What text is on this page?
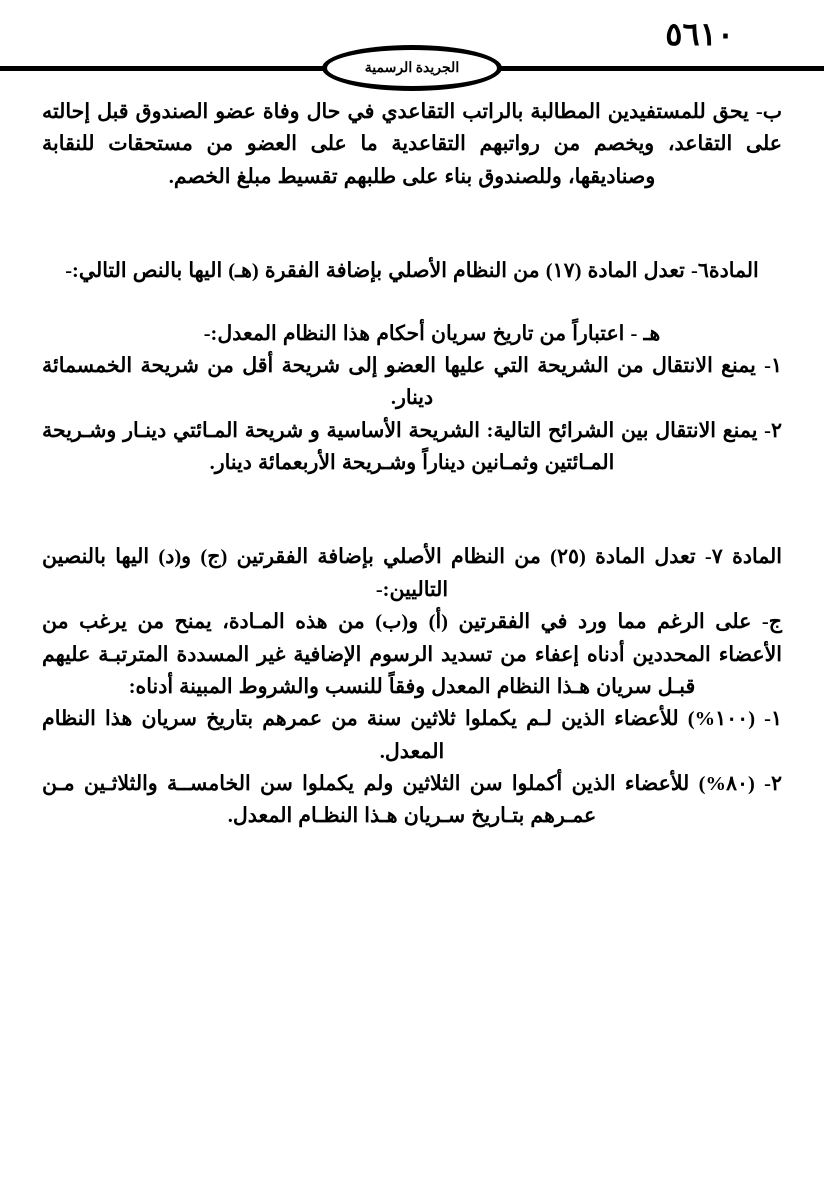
٥٦١٠
الجريدة الرسمية
ب- يحق للمستفيدين المطالبة بالراتب التقاعدي في حال وفاة عضو الصندوق قبل إحالته على التقاعد، ويخصم من رواتبهم التقاعدية ما على العضو من مستحقات للنقابة وصناديقها، وللصندوق بناء على طلبهم تقسيط مبلغ الخصم.
المادة٦- تعدل المادة (١٧) من النظام الأصلي بإضافة الفقرة (هـ) اليها بالنص التالي:-
هـ - اعتباراً من تاريخ سريان أحكام هذا النظام المعدل:-
١- يمنع الانتقال من الشريحة التي عليها العضو إلى شريحة أقل من شريحة الخمسمائة دينار.
٢- يمنع الانتقال بين الشرائح التالية: الشريحة الأساسية و شريحة المـائتي دينـار وشـريحة المـائتين وثمـانين ديناراً وشـريحة الأربعمائة دينار.
المادة ٧- تعدل المادة (٢٥) من النظام الأصلي بإضافة الفقرتين (ج) و(د) اليها بالنصين التاليين:-
ج- على الرغم مما ورد في الفقرتين (أ) و(ب) من هذه المـادة، يمنح من يرغب من الأعضاء المحددين أدناه إعفاء من تسديد الرسوم الإضافية غير المسددة المترتبـة عليهم قبـل سريان هـذا النظام المعدل وفقاً للنسب والشروط المبينة أدناه:
١- (١٠٠%) للأعضاء الذين لـم يكملوا ثلاثين سنة من عمرهم بتاريخ سريان هذا النظام المعدل.
٢- (٨٠%) للأعضاء الذين أكملوا سن الثلاثين ولم يكملوا سن الخامســة والثلاثـين مـن عمـرهم بتـاريخ سـريان هـذا النظـام المعدل.
